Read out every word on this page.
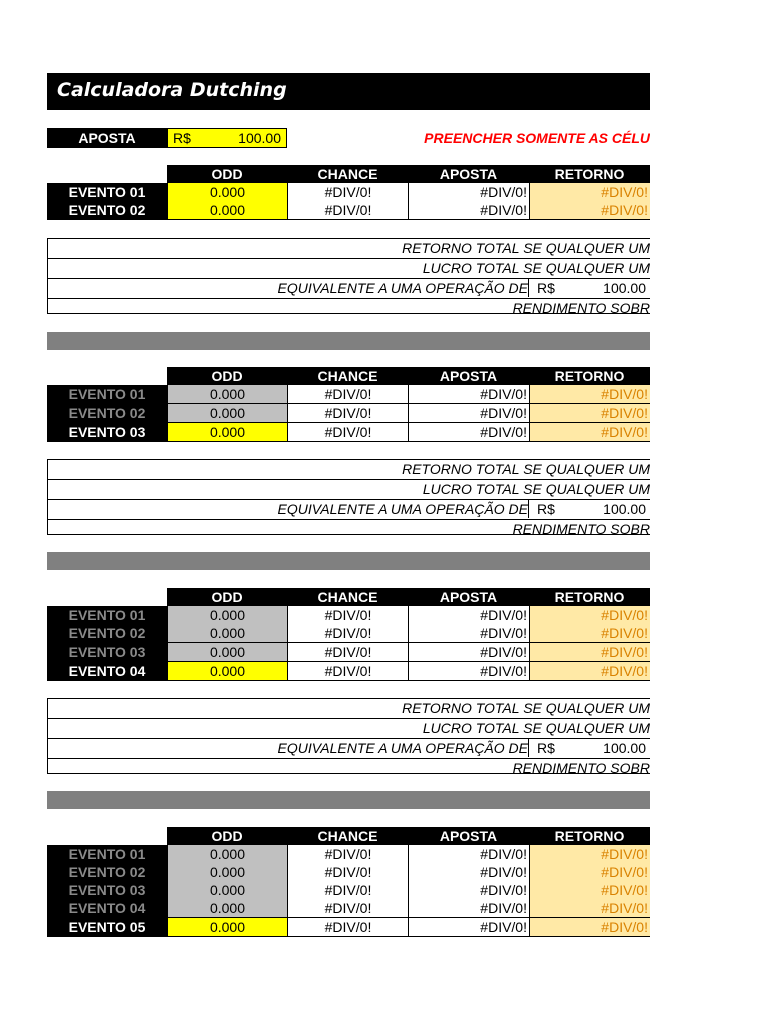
Calculadora Dutching
APOSTA	R$	100.00	PREENCHER SOMENTE AS CÉLU
ODD	CHANCE	APOSTA	RETORNO
EVENTO 01	0.000	#DIV/0!	#DIV/0!	#DIV/0!
EVENTO 02	0.000	#DIV/0!	#DIV/0!	#DIV/0!
RETORNO TOTAL SE QUALQUER UM
LUCRO TOTAL SE QUALQUER UM
EQUIVALENTE A UMA OPERAÇÃO DE R$	100.00
RENDIMENTO SOBR
ODD	CHANCE	APOSTA	RETORNO
EVENTO 01	0.000	#DIV/0!	#DIV/0!	#DIV/0!
EVENTO 02	0.000	#DIV/0!	#DIV/0!	#DIV/0!
EVENTO 03	0.000	#DIV/0!	#DIV/0!	#DIV/0!
RETORNO TOTAL SE QUALQUER UM
LUCRO TOTAL SE QUALQUER UM
EQUIVALENTE A UMA OPERAÇÃO DE R$	100.00
RENDIMENTO SOBR
ODD	CHANCE	APOSTA	RETORNO
EVENTO 01	0.000	#DIV/0!	#DIV/0!	#DIV/0!
EVENTO 02	0.000	#DIV/0!	#DIV/0!	#DIV/0!
EVENTO 03	0.000	#DIV/0!	#DIV/0!	#DIV/0!
EVENTO 04	0.000	#DIV/0!	#DIV/0!	#DIV/0!
RETORNO TOTAL SE QUALQUER UM
LUCRO TOTAL SE QUALQUER UM
EQUIVALENTE A UMA OPERAÇÃO DE R$	100.00
RENDIMENTO SOBR
ODD	CHANCE	APOSTA	RETORNO
EVENTO 01	0.000	#DIV/0!	#DIV/0!	#DIV/0!
EVENTO 02	0.000	#DIV/0!	#DIV/0!	#DIV/0!
EVENTO 03	0.000	#DIV/0!	#DIV/0!	#DIV/0!
EVENTO 04	0.000	#DIV/0!	#DIV/0!	#DIV/0!
EVENTO 05	0.000	#DIV/0!	#DIV/0!	#DIV/0!
